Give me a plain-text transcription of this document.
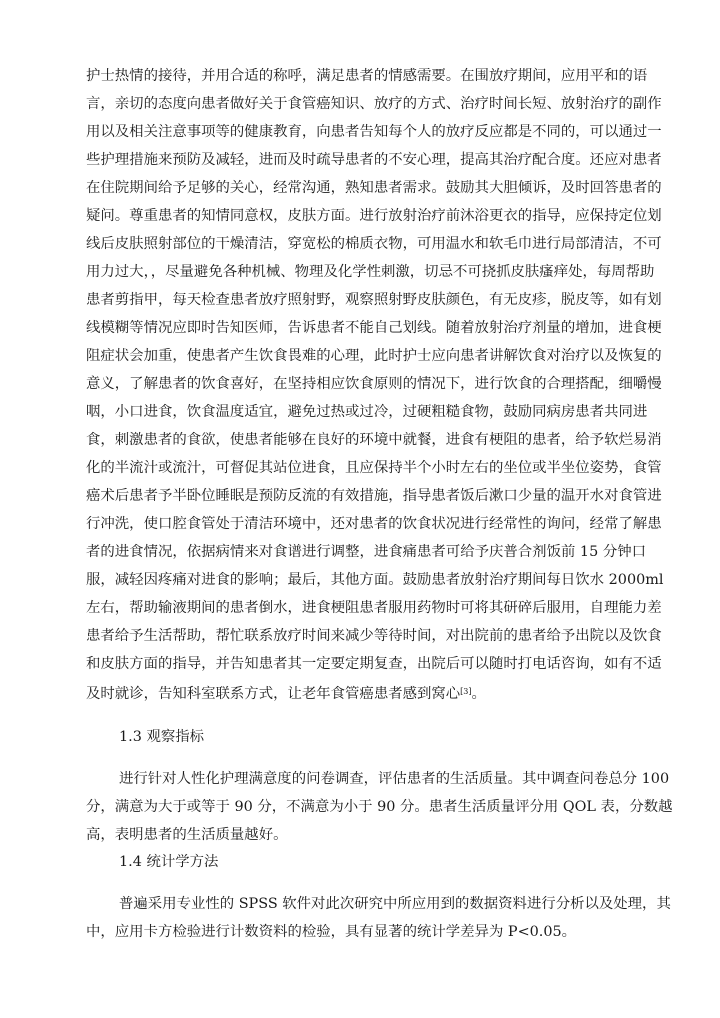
护士热情的接待，并用合适的称呼，满足患者的情感需要。在围放疗期间，应用平和的语
言，亲切的态度向患者做好关于食管癌知识、放疗的方式、治疗时间长短、放射治疗的副作
用以及相关注意事项等的健康教育，向患者告知每个人的放疗反应都是不同的，可以通过一
些护理措施来预防及减轻，进而及时疏导患者的不安心理，提高其治疗配合度。还应对患者
在住院期间给予足够的关心，经常沟通，熟知患者需求。鼓励其大胆倾诉，及时回答患者的
疑问。尊重患者的知情同意权，皮肤方面。进行放射治疗前沐浴更衣的指导，应保持定位划
线后皮肤照射部位的干燥清洁，穿宽松的棉质衣物，可用温水和软毛巾进行局部清洁，不可
用力过大，，尽量避免各种机械、物理及化学性刺激，切忌不可挠抓皮肤瘙痒处，每周帮助
患者剪指甲，每天检查患者放疗照射野，观察照射野皮肤颜色，有无皮疹，脱皮等，如有划
线模糊等情况应即时告知医师，告诉患者不能自己划线。随着放射治疗剂量的增加，进食梗
阻症状会加重，使患者产生饮食畏难的心理，此时护士应向患者讲解饮食对治疗以及恢复的
意义，了解患者的饮食喜好，在坚持相应饮食原则的情况下，进行饮食的合理搭配，细嚼慢
咽，小口进食，饮食温度适宜，避免过热或过冷，过硬粗糙食物，鼓励同病房患者共同进
食，刺激患者的食欲，使患者能够在良好的环境中就餐，进食有梗阻的患者，给予软烂易消
化的半流汁或流汁，可督促其站位进食，且应保持半个小时左右的坐位或半坐位姿势，食管
癌术后患者予半卧位睡眠是预防反流的有效措施，指导患者饭后漱口少量的温开水对食管进
行冲洗，使口腔食管处于清洁环境中，还对患者的饮食状况进行经常性的询问，经常了解患
者的进食情况，依据病情来对食谱进行调整，进食痛患者可给予庆普合剂饭前 15 分钟口
服，减轻因疼痛对进食的影响；最后，其他方面。鼓励患者放射治疗期间每日饮水 2000ml
左右，帮助输液期间的患者倒水，进食梗阻患者服用药物时可将其研碎后服用，自理能力差
患者给予生活帮助，帮忙联系放疗时间来减少等待时间，对出院前的患者给予出院以及饮食
和皮肤方面的指导，并告知患者其一定要定期复查，出院后可以随时打电话咨询，如有不适
及时就诊，告知科室联系方式，让老年食管癌患者感到窝心[3]。
1.3 观察指标
进行针对人性化护理满意度的问卷调查，评估患者的生活质量。其中调查问卷总分 100
分，满意为大于或等于 90 分，不满意为小于 90 分。患者生活质量评分用 QOL 表，分数越
高，表明患者的生活质量越好。
1.4 统计学方法
普遍采用专业性的 SPSS 软件对此次研究中所应用到的数据资料进行分析以及处理，其
中，应用卡方检验进行计数资料的检验，具有显著的统计学差异为 P<0.05。
